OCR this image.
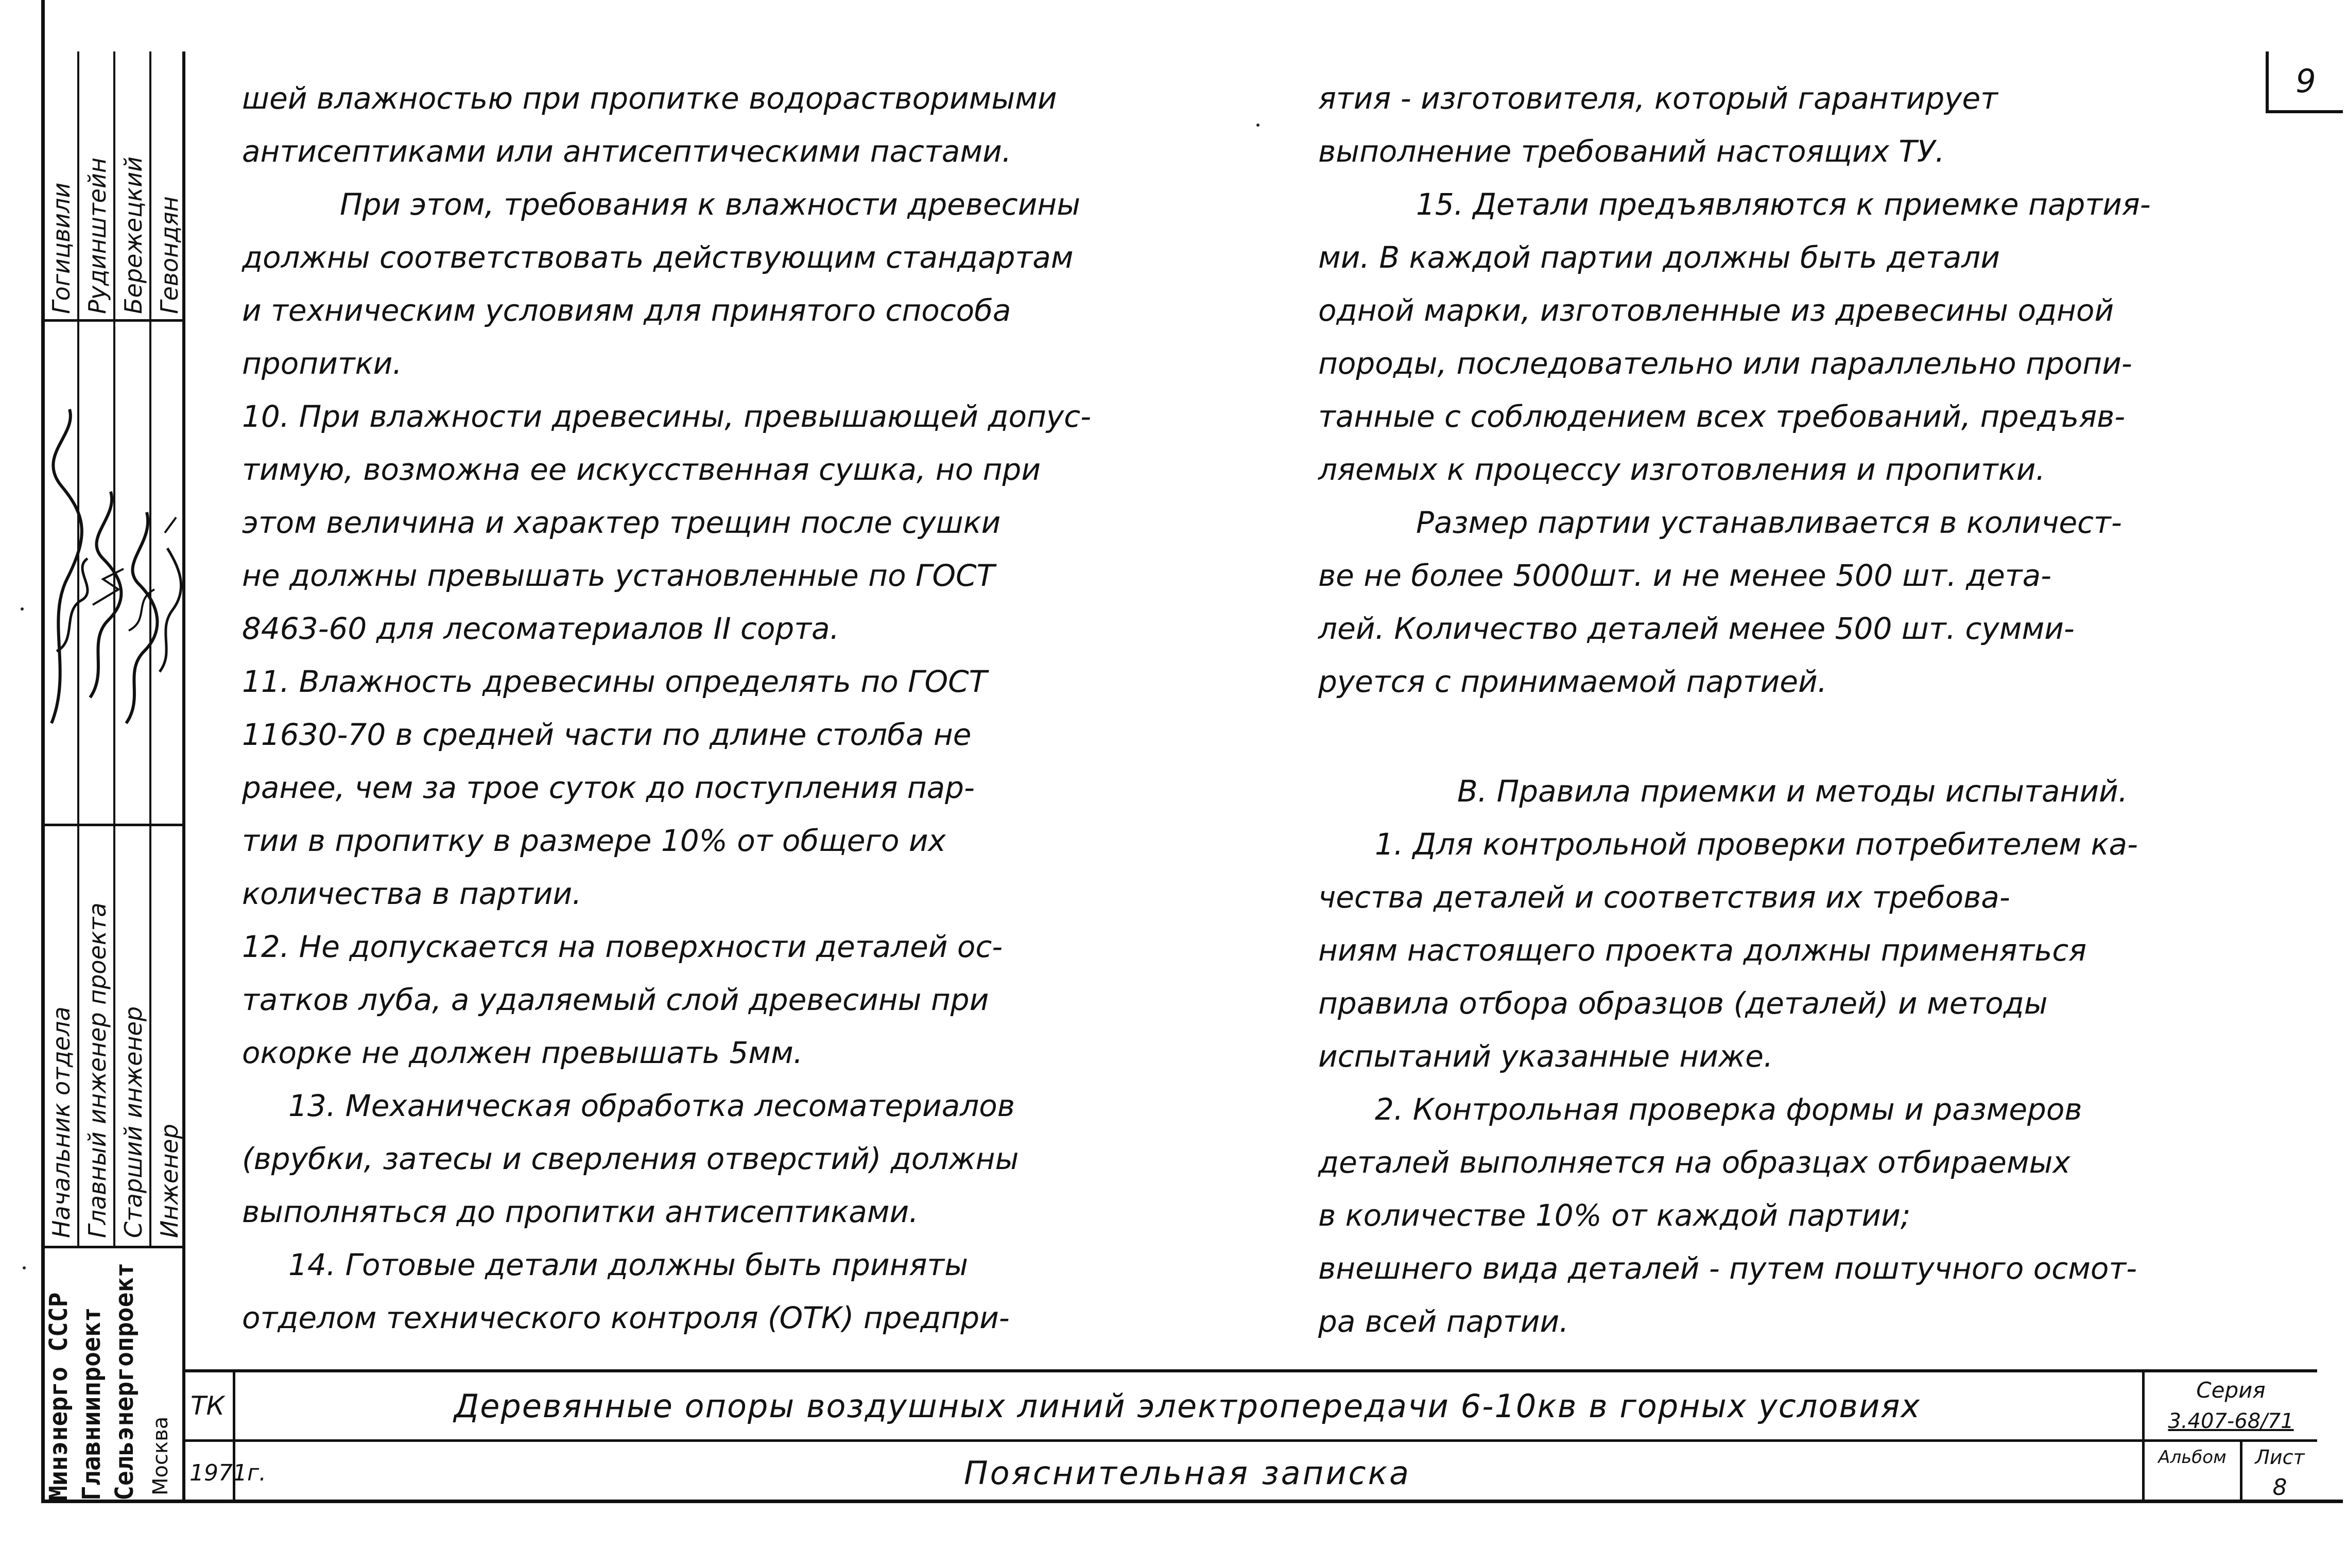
Гогицвили Рудинштейн Бережецкий Гевондян
Начальник отдела Главный инженер проекта Старший инженер Инженер
Минэнерго СССР Главниипроект Сельэнергопроект Москва
9
шей влажностью при пропитке водорастворимыми
антисептиками или антисептическими пастами.
При этом, требования к влажности древесины
должны соответствовать действующим стандартам
и техническим условиям для принятого способа
пропитки.
10. При влажности древесины, превышающей допус-
тимую, возможна ее искусственная сушка, но при
этом величина и характер трещин после сушки
не должны превышать установленные по ГОСТ
8463-60 для лесоматериалов II сорта.
11. Влажность древесины определять по ГОСТ
11630-70 в средней части по длине столба не
ранее, чем за трое суток до поступления пар-
тии в пропитку в размере 10% от общего их
количества в партии.
12. Не допускается на поверхности деталей ос-
татков луба, а удаляемый слой древесины при
окорке не должен превышать 5мм.
13. Механическая обработка лесоматериалов
(врубки, затесы и сверления отверстий) должны
выполняться до пропитки антисептиками.
14. Готовые детали должны быть приняты
отделом технического контроля (ОТК) предпри-
ятия - изготовителя, который гарантирует
выполнение требований настоящих ТУ.
15. Детали предъявляются к приемке партия-
ми. В каждой партии должны быть детали
одной марки, изготовленные из древесины одной
породы, последовательно или параллельно пропи-
танные с соблюдением всех требований, предъяв-
ляемых к процессу изготовления и пропитки.
Размер партии устанавливается в количест-
ве не более 5000шт. и не менее 500 шт. дета-
лей. Количество деталей менее 500 шт. сумми-
руется с принимаемой партией.
В. Правила приемки и методы испытаний.
1. Для контрольной проверки потребителем ка-
чества деталей и соответствия их требова-
ниям настоящего проекта должны применяться
правила отбора образцов (деталей) и методы
испытаний указанные ниже.
2. Контрольная проверка формы и размеров
деталей выполняется на образцах отбираемых
в количестве 10% от каждой партии;
внешнего вида деталей - путем поштучного осмот-
ра всей партии.
ТК
1971г.
Деревянные опоры воздушных линий электропередачи 6-10кв в горных условиях
Пояснительная записка
Серия
3.407-68/71
Альбом	Лист
8
